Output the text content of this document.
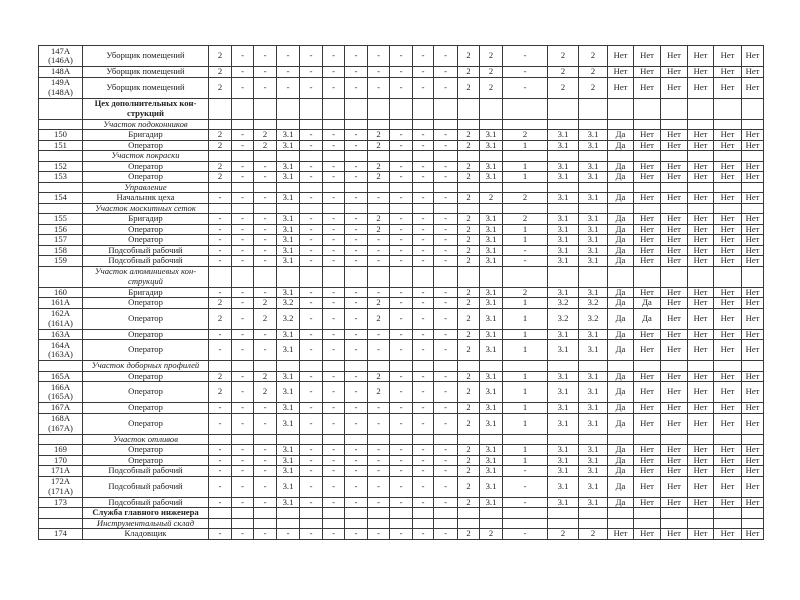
147А (146А)	Уборщик помещений	2	-	-	-	-	-	-	-	-	-	-	2	2	-	2	2	Нет	Нет	Нет	Нет	Нет	Нет
148А	Уборщик помещений	2	-	-	-	-	-	-	-	-	-	-	2	2	-	2	2	Нет	Нет	Нет	Нет	Нет	Нет
149А (148А)	Уборщик помещений	2	-	-	-	-	-	-	-	-	-	-	2	2	-	2	2	Нет	Нет	Нет	Нет	Нет	Нет
	Цех дополнительных кон-струкций																						
	Участок подоконников																						
150	Бригадир	2	-	2	3.1	-	-	-	2	-	-	-	2	3.1	2	3.1	3.1	Да	Нет	Нет	Нет	Нет	Нет
151	Оператор	2	-	2	3.1	-	-	-	2	-	-	-	2	3.1	1	3.1	3.1	Да	Нет	Нет	Нет	Нет	Нет
	Участок покраски																						
152	Оператор	2	-	-	3.1	-	-	-	2	-	-	-	2	3.1	1	3.1	3.1	Да	Нет	Нет	Нет	Нет	Нет
153	Оператор	2	-	-	3.1	-	-	-	2	-	-	-	2	3.1	1	3.1	3.1	Да	Нет	Нет	Нет	Нет	Нет
	Управление																						
154	Начальник цеха	-	-	-	3.1	-	-	-	-	-	-	-	2	2	2	3.1	3.1	Да	Нет	Нет	Нет	Нет	Нет
	Участок москитных сеток																						
155	Бригадир	-	-	-	3.1	-	-	-	2	-	-	-	2	3.1	2	3.1	3.1	Да	Нет	Нет	Нет	Нет	Нет
156	Оператор	-	-	-	3.1	-	-	-	2	-	-	-	2	3.1	1	3.1	3.1	Да	Нет	Нет	Нет	Нет	Нет
157	Оператор	-	-	-	3.1	-	-	-	-	-	-	-	2	3.1	1	3.1	3.1	Да	Нет	Нет	Нет	Нет	Нет
158	Подсобный рабочий	-	-	-	3.1	-	-	-	-	-	-	-	2	3.1	-	3.1	3.1	Да	Нет	Нет	Нет	Нет	Нет
159	Подсобный рабочий	-	-	-	3.1	-	-	-	-	-	-	-	2	3.1	-	3.1	3.1	Да	Нет	Нет	Нет	Нет	Нет
	Участок алюминиевых кон-струкций																						
160	Бригадир	-	-	-	3.1	-	-	-	-	-	-	-	2	3.1	2	3.1	3.1	Да	Нет	Нет	Нет	Нет	Нет
161А	Оператор	2	-	2	3.2	-	-	-	2	-	-	-	2	3.1	1	3.2	3.2	Да	Да	Нет	Нет	Нет	Нет
162А (161А)	Оператор	2	-	2	3.2	-	-	-	2	-	-	-	2	3.1	1	3.2	3.2	Да	Да	Нет	Нет	Нет	Нет
163А	Оператор	-	-	-	3.1	-	-	-	-	-	-	-	2	3.1	1	3.1	3.1	Да	Нет	Нет	Нет	Нет	Нет
164А (163А)	Оператор	-	-	-	3.1	-	-	-	-	-	-	-	2	3.1	1	3.1	3.1	Да	Нет	Нет	Нет	Нет	Нет
	Участок доборных профилей																						
165А	Оператор	2	-	2	3.1	-	-	-	2	-	-	-	2	3.1	1	3.1	3.1	Да	Нет	Нет	Нет	Нет	Нет
166А (165А)	Оператор	2	-	2	3.1	-	-	-	2	-	-	-	2	3.1	1	3.1	3.1	Да	Нет	Нет	Нет	Нет	Нет
167А	Оператор	-	-	-	3.1	-	-	-	-	-	-	-	2	3.1	1	3.1	3.1	Да	Нет	Нет	Нет	Нет	Нет
168А (167А)	Оператор	-	-	-	3.1	-	-	-	-	-	-	-	2	3.1	1	3.1	3.1	Да	Нет	Нет	Нет	Нет	Нет
	Участок отливов																						
169	Оператор	-	-	-	3.1	-	-	-	-	-	-	-	2	3.1	1	3.1	3.1	Да	Нет	Нет	Нет	Нет	Нет
170	Оператор	-	-	-	3.1	-	-	-	-	-	-	-	2	3.1	1	3.1	3.1	Да	Нет	Нет	Нет	Нет	Нет
171А	Подсобный рабочий	-	-	-	3.1	-	-	-	-	-	-	-	2	3.1	-	3.1	3.1	Да	Нет	Нет	Нет	Нет	Нет
172А (171А)	Подсобный рабочий	-	-	-	3.1	-	-	-	-	-	-	-	2	3.1	-	3.1	3.1	Да	Нет	Нет	Нет	Нет	Нет
173	Подсобный рабочий	-	-	-	3.1	-	-	-	-	-	-	-	2	3.1	-	3.1	3.1	Да	Нет	Нет	Нет	Нет	Нет
	Служба главного инженера																						
	Инструментальный склад																						
174	Кладовщик	-	-	-	-	-	-	-	-	-	-	-	2	2	-	2	2	Нет	Нет	Нет	Нет	Нет	Нет
